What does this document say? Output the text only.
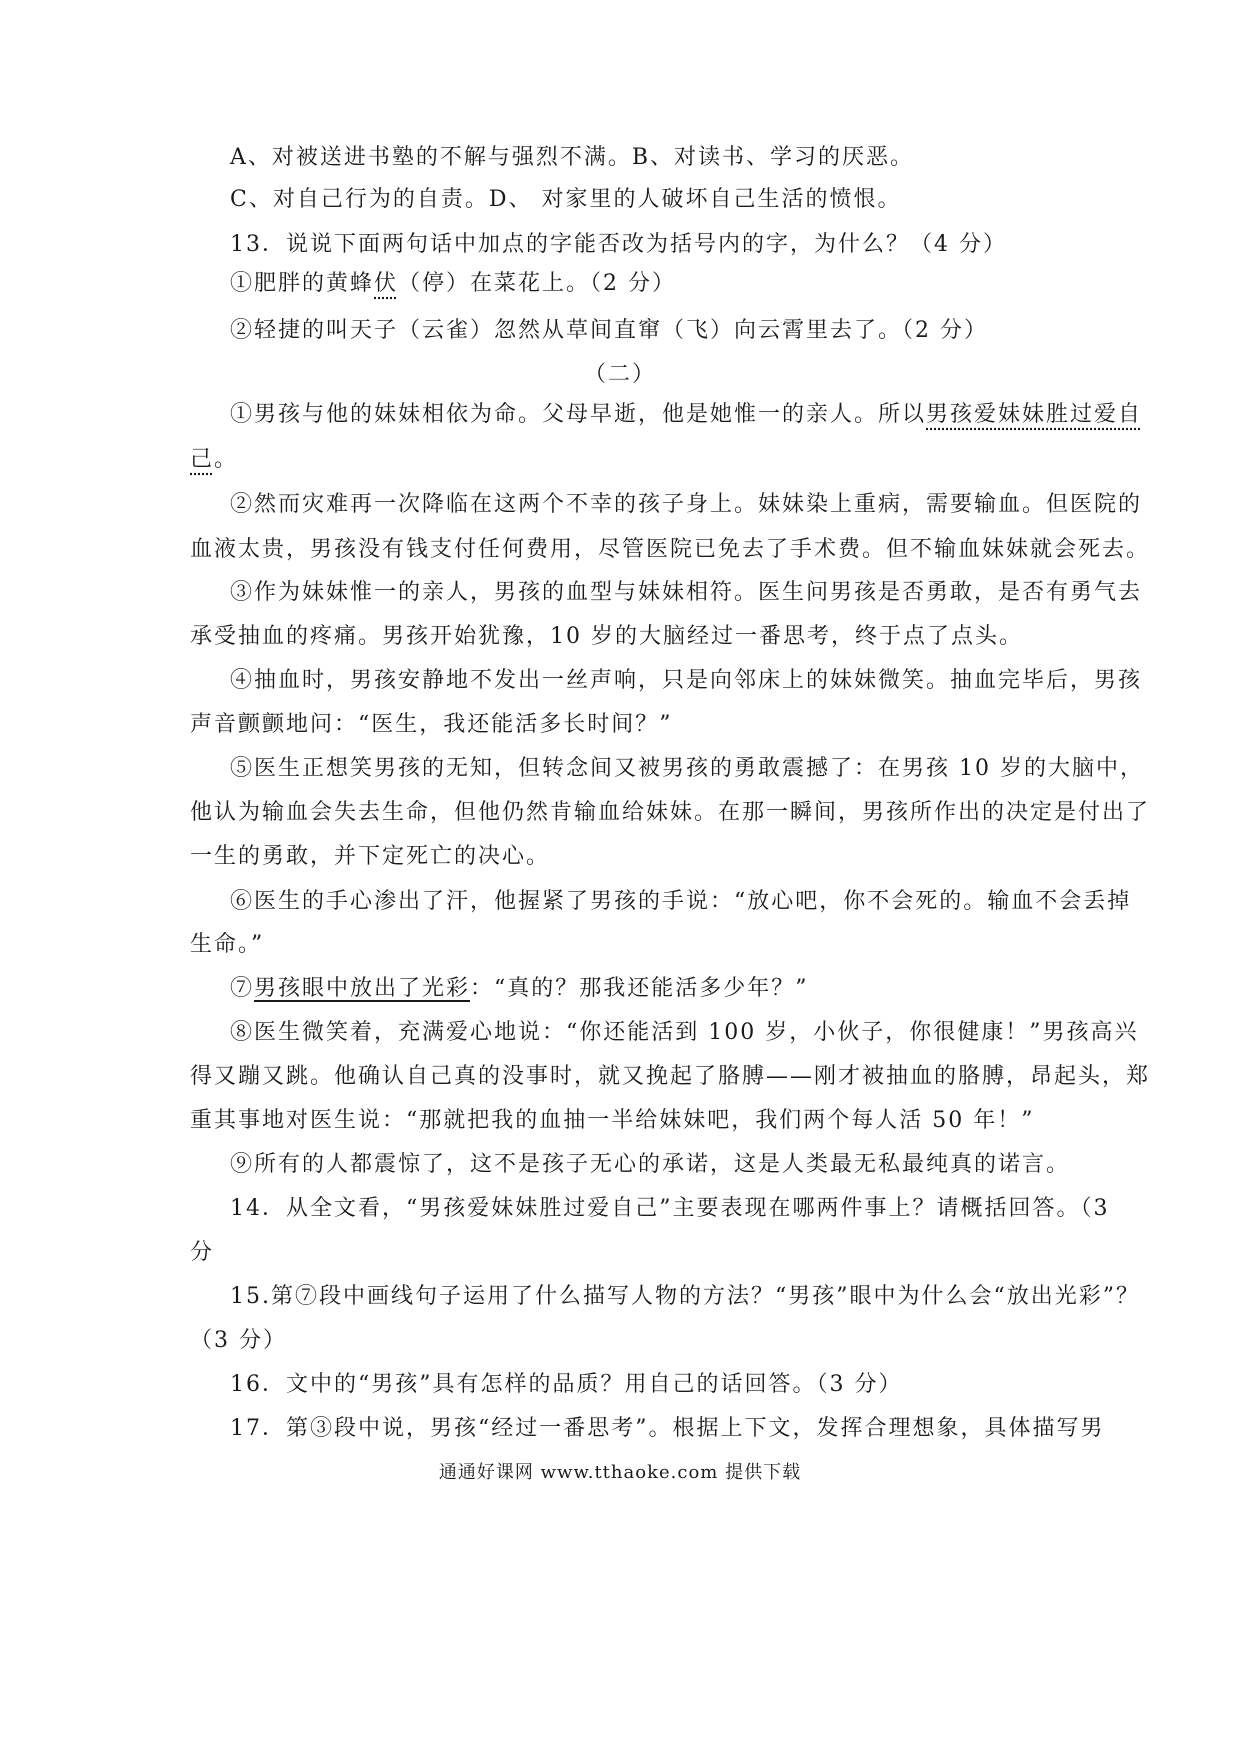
A、对被送进书塾的不解与强烈不满。B、对读书、学习的厌恶。
C、对自己行为的自责。D、 对家里的人破坏自己生活的愤恨。
13．说说下面两句话中加点的字能否改为括号内的字，为什么？（4 分）
①肥胖的黄蜂伏（停）在菜花上。（2 分）
②轻捷的叫天子（云雀）忽然从草间直窜（飞）向云霄里去了。（2 分）
（二）
①男孩与他的妹妹相依为命。父母早逝，他是她惟一的亲人。所以男孩爱妹妹胜过爱自
己。
②然而灾难再一次降临在这两个不幸的孩子身上。妹妹染上重病，需要输血。但医院的
血液太贵，男孩没有钱支付任何费用，尽管医院已免去了手术费。但不输血妹妹就会死去。
③作为妹妹惟一的亲人，男孩的血型与妹妹相符。医生问男孩是否勇敢，是否有勇气去
承受抽血的疼痛。男孩开始犹豫，10 岁的大脑经过一番思考，终于点了点头。
④抽血时，男孩安静地不发出一丝声响，只是向邻床上的妹妹微笑。抽血完毕后，男孩
声音颤颤地问：“医生，我还能活多长时间？”
⑤医生正想笑男孩的无知，但转念间又被男孩的勇敢震撼了：在男孩 10 岁的大脑中，
他认为输血会失去生命，但他仍然肯输血给妹妹。在那一瞬间，男孩所作出的决定是付出了
一生的勇敢，并下定死亡的决心。
⑥医生的手心渗出了汗，他握紧了男孩的手说：“放心吧，你不会死的。输血不会丢掉
生命。”
⑦男孩眼中放出了光彩：“真的？那我还能活多少年？”
⑧医生微笑着，充满爱心地说：“你还能活到 100 岁，小伙子，你很健康！”男孩高兴
得又蹦又跳。他确认自己真的没事时，就又挽起了胳膊——刚才被抽血的胳膊，昂起头，郑
重其事地对医生说：“那就把我的血抽一半给妹妹吧，我们两个每人活 50 年！”
⑨所有的人都震惊了，这不是孩子无心的承诺，这是人类最无私最纯真的诺言。
14．从全文看，“男孩爱妹妹胜过爱自己”主要表现在哪两件事上？请概括回答。（3
分
15.第⑦段中画线句子运用了什么描写人物的方法？“男孩”眼中为什么会“放出光彩”？
（3 分）
16．文中的“男孩”具有怎样的品质？用自己的话回答。（3 分）
17．第③段中说，男孩“经过一番思考”。根据上下文，发挥合理想象，具体描写男
通通好课网 www.tthaoke.com 提供下载
